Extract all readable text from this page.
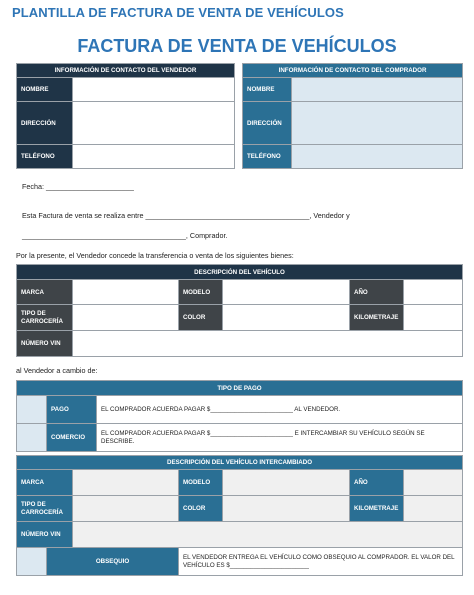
PLANTILLA DE FACTURA DE VENTA DE VEHÍCULOS
FACTURA DE VENTA DE VEHÍCULOS
INFORMACIÓN DE CONTACTO DEL VENDEDOR			INFORMACIÓN DE CONTACTO DEL COMPRADOR	
NOMBRE			NOMBRE	
DIRECCIÓN			DIRECCIÓN	
TELÉFONO			TELÉFONO	
Fecha: ______________________
Esta Factura de venta se realiza entre _________________________________________, Vendedor y
_________________________________________, Comprador.
Por la presente, el Vendedor concede la transferencia o venta de los siguientes bienes:
DESCRIPCIÓN DEL VEHÍCULO					
MARCA		MODELO		AÑO	
TIPO DE CARROCERÍA		COLOR		KILOMETRAJE	
NÚMERO VIN					
al Vendedor a cambio de:
TIPO DE PAGO		
	PAGO	EL COMPRADOR ACUERDA PAGAR $________________________ AL VENDEDOR.
	COMERCIO	EL COMPRADOR ACUERDA PAGAR $________________________ E INTERCAMBIAR SU VEHÍCULO SEGÚN SE DESCRIBE.
DESCRIPCIÓN DEL VEHÍCULO INTERCAMBIADO						
MARCA			MODELO		AÑO	
TIPO DE CARROCERÍA			COLOR		KILOMETRAJE	
NÚMERO VIN						
	OBSEQUIO		EL VENDEDOR ENTREGA EL VEHÍCULO COMO OBSEQUIO AL COMPRADOR. EL VALOR DEL VEHÍCULO ES $_______________________			
